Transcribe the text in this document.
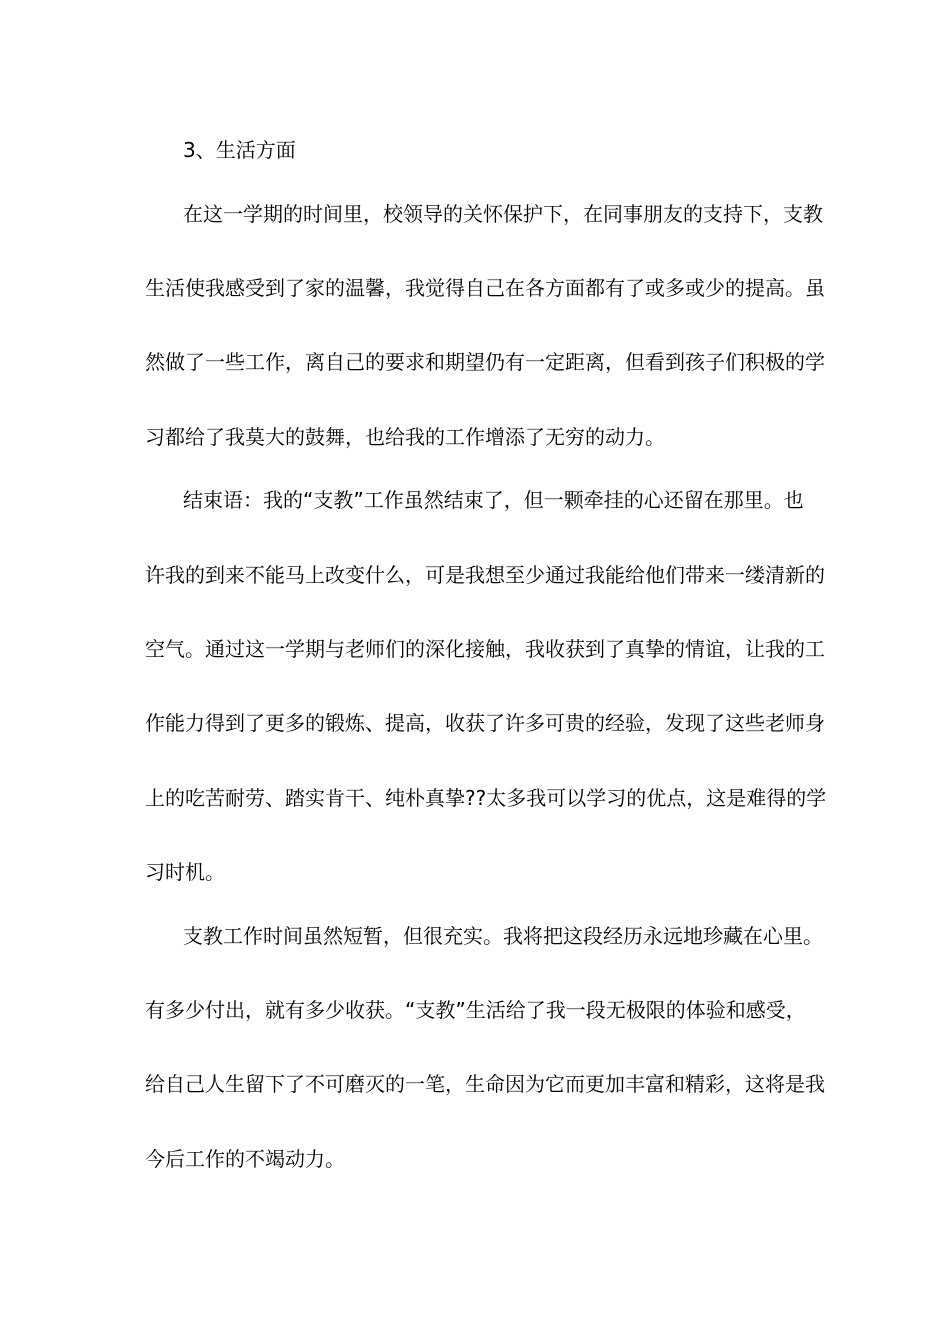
3、生活方面
在这一学期的时间里，校领导的关怀保护下，在同事朋友的支持下，支教
生活使我感受到了家的温馨，我觉得自己在各方面都有了或多或少的提高。虽
然做了一些工作，离自己的要求和期望仍有一定距离，但看到孩子们积极的学
习都给了我莫大的鼓舞，也给我的工作增添了无穷的动力。
结束语：我的“支教”工作虽然结束了，但一颗牵挂的心还留在那里。也
许我的到来不能马上改变什么，可是我想至少通过我能给他们带来一缕清新的
空气。通过这一学期与老师们的深化接触，我收获到了真挚的情谊，让我的工
作能力得到了更多的锻炼、提高，收获了许多可贵的经验，发现了这些老师身
上的吃苦耐劳、踏实肯干、纯朴真挚??太多我可以学习的优点，这是难得的学
习时机。
支教工作时间虽然短暂，但很充实。我将把这段经历永远地珍藏在心里。
有多少付出，就有多少收获。“支教”生活给了我一段无极限的体验和感受，
给自己人生留下了不可磨灭的一笔，生命因为它而更加丰富和精彩，这将是我
今后工作的不竭动力。
